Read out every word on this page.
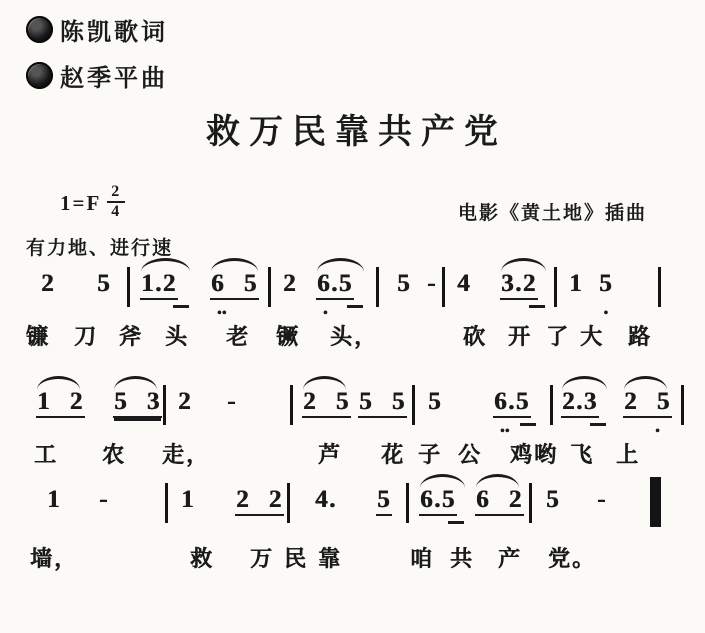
陈凯歌词
赵季平曲
救万民靠共产党
$1=F \frac{2}{4}$	电影《黄土地》插曲
有力地、进行速
2 5 1.2 6 5
••
2 6.5
•
5 - 4 3.2 1 5
•
1 2 5 3 2 -	2 5 5 5 5 6.5
••
2.3 2 5
•
1 -	1 2 2 4. 5 6.5 6 2 5 -
镰 刀 斧 头 老 镢 头，	砍 开 了 大 路
工 农 走，	芦 花 子 公 鸡哟 飞 上
墙，	救 万 民 靠	咱 共 产 党。
